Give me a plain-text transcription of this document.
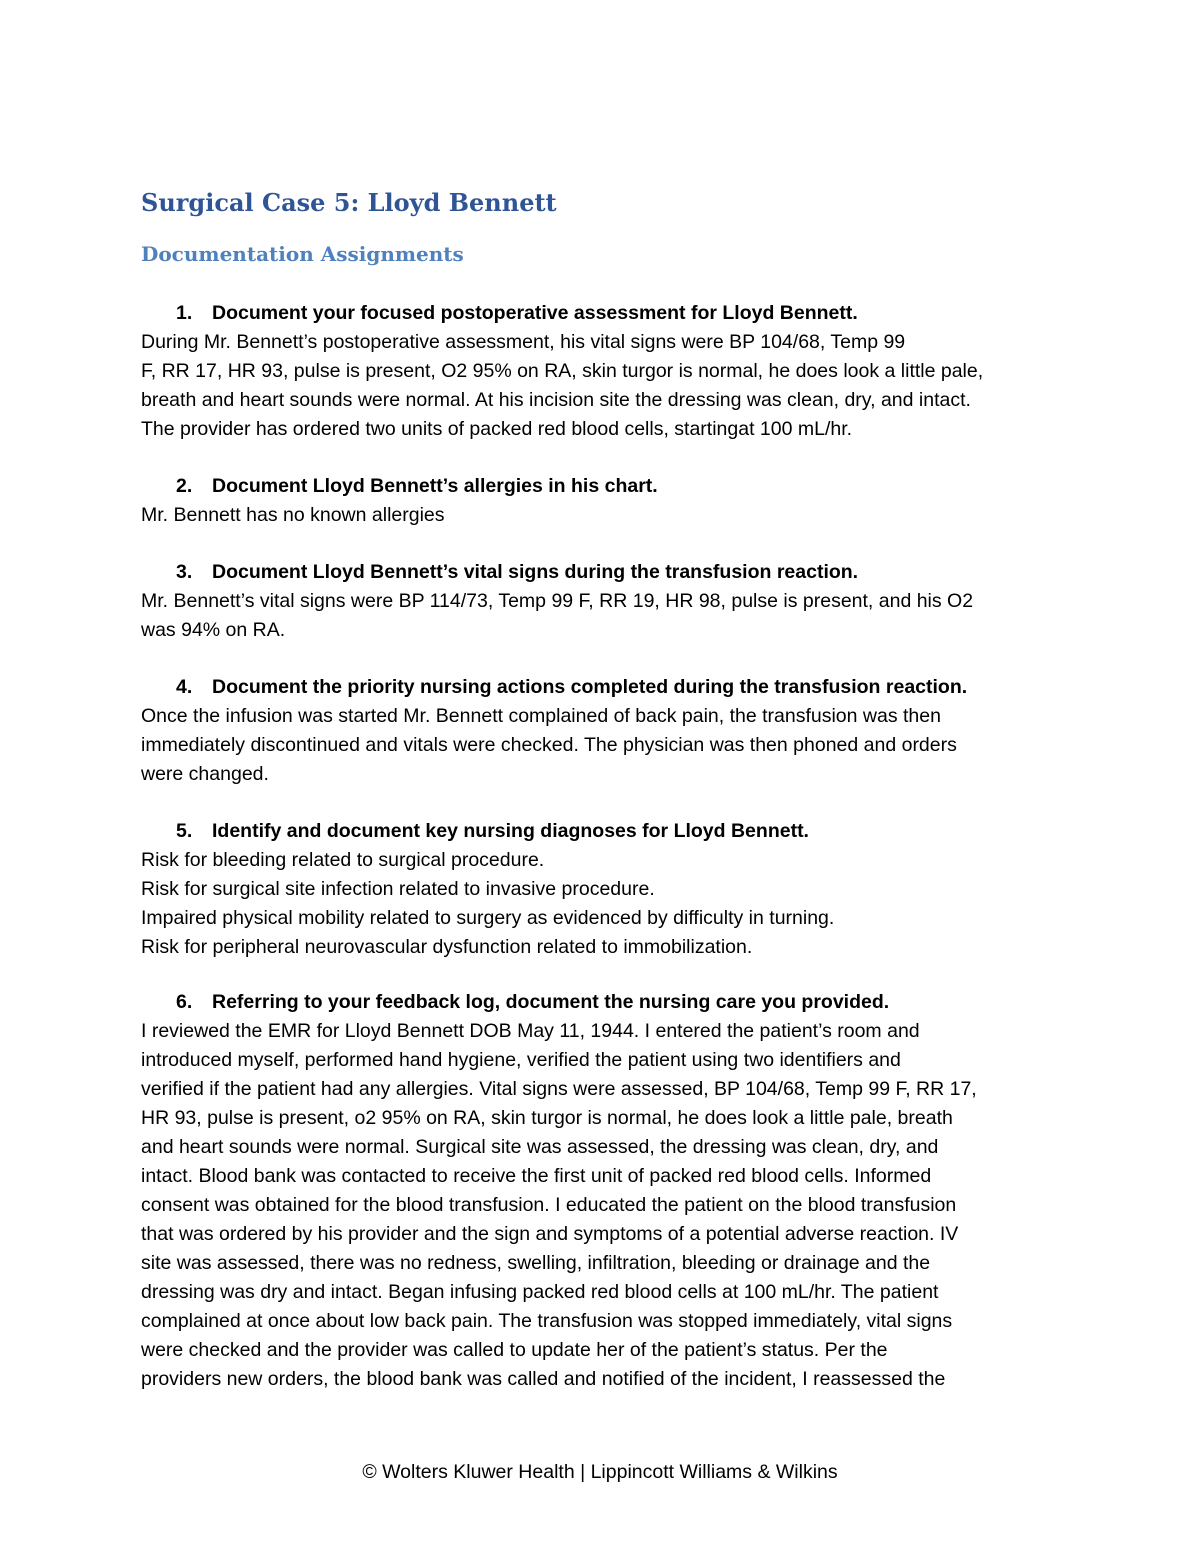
Surgical Case 5: Lloyd Bennett
Documentation Assignments
1. Document your focused postoperative assessment for Lloyd Bennett.

During Mr. Bennett’s postoperative assessment, his vital signs were BP 104/68, Temp 99

F, RR 17, HR 93, pulse is present, O2 95% on RA, skin turgor is normal, he does look a little pale,

breath and heart sounds were normal. At his incision site the dressing was clean, dry, and intact.

The provider has ordered two units of packed red blood cells, startingat 100 mL/hr.

2. Document Lloyd Bennett’s allergies in his chart.

Mr. Bennett has no known allergies

3. Document Lloyd Bennett’s vital signs during the transfusion reaction.

Mr. Bennett’s vital signs were BP 114/73, Temp 99 F, RR 19, HR 98, pulse is present, and his O2

was 94% on RA.

4. Document the priority nursing actions completed during the transfusion reaction.

Once the infusion was started Mr. Bennett complained of back pain, the transfusion was then

immediately discontinued and vitals were checked. The physician was then phoned and orders

were changed.

5. Identify and document key nursing diagnoses for Lloyd Bennett.

Risk for bleeding related to surgical procedure.

Risk for surgical site infection related to invasive procedure.

Impaired physical mobility related to surgery as evidenced by difficulty in turning.

Risk for peripheral neurovascular dysfunction related to immobilization.

6. Referring to your feedback log, document the nursing care you provided.

I reviewed the EMR for Lloyd Bennett DOB May 11, 1944. I entered the patient’s room and

introduced myself, performed hand hygiene, verified the patient using two identifiers and

verified if the patient had any allergies. Vital signs were assessed, BP 104/68, Temp 99 F, RR 17,

HR 93, pulse is present, o2 95% on RA, skin turgor is normal, he does look a little pale, breath

and heart sounds were normal. Surgical site was assessed, the dressing was clean, dry, and

intact. Blood bank was contacted to receive the first unit of packed red blood cells. Informed

consent was obtained for the blood transfusion. I educated the patient on the blood transfusion

that was ordered by his provider and the sign and symptoms of a potential adverse reaction. IV

site was assessed, there was no redness, swelling, infiltration, bleeding or drainage and the

dressing was dry and intact. Began infusing packed red blood cells at 100 mL/hr. The patient

complained at once about low back pain. The transfusion was stopped immediately, vital signs

were checked and the provider was called to update her of the patient’s status. Per the

providers new orders, the blood bank was called and notified of the incident, I reassessed the

© Wolters Kluwer Health | Lippincott Williams & Wilkins
